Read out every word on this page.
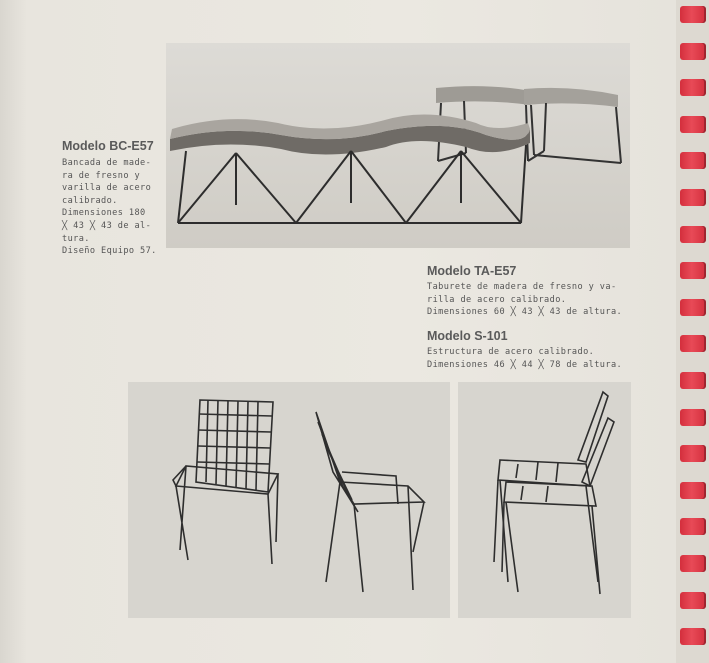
Modelo BC-E57
Bancada de made-
ra de fresno y
varilla de acero
calibrado.
Dimensiones 180
╳ 43 ╳ 43 de al-
tura.
Diseño Equipo 57.
Modelo TA-E57
Taburete de madera de fresno y va-
rilla de acero calibrado.
Dimensiones 60 ╳ 43 ╳ 43 de altura.
Modelo S-101
Estructura de acero calibrado.
Dimensiones 46 ╳ 44 ╳ 78 de altura.
